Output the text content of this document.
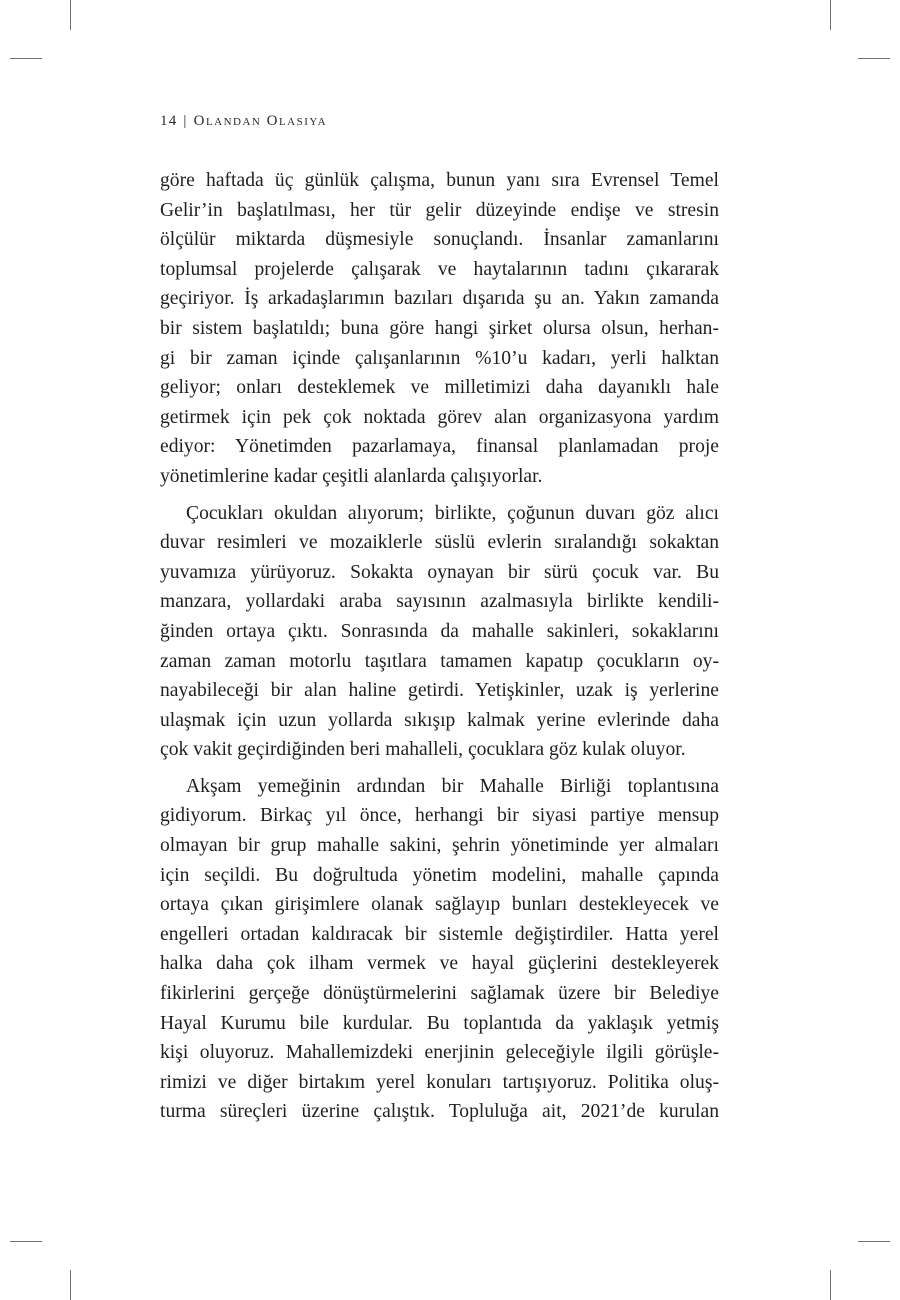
14 | Olandan Olasiya
göre haftada üç günlük çalışma, bunun yanı sıra Evrensel Temel
Gelir’in başlatılması, her tür gelir düzeyinde endişe ve stresin
ölçülür miktarda düşmesiyle sonuçlandı. İnsanlar zamanlarını
toplumsal projelerde çalışarak ve haytalarının tadını çıkararak
geçiriyor. İş arkadaşlarımın bazıları dışarıda şu an. Yakın zamanda
bir sistem başlatıldı; buna göre hangi şirket olursa olsun, herhan-
gi bir zaman içinde çalışanlarının %10’u kadarı, yerli halktan
geliyor; onları desteklemek ve milletimizi daha dayanıklı hale
getirmek için pek çok noktada görev alan organizasyona yardım
ediyor: Yönetimden pazarlamaya, finansal planlamadan proje
yönetimlerine kadar çeşitli alanlarda çalışıyorlar.
Çocukları okuldan alıyorum; birlikte, çoğunun duvarı göz alıcı
duvar resimleri ve mozaiklerle süslü evlerin sıralandığı sokaktan
yuvamıza yürüyoruz. Sokakta oynayan bir sürü çocuk var. Bu
manzara, yollardaki araba sayısının azalmasıyla birlikte kendili-
ğinden ortaya çıktı. Sonrasında da mahalle sakinleri, sokaklarını
zaman zaman motorlu taşıtlara tamamen kapatıp çocukların oy-
nayabileceği bir alan haline getirdi. Yetişkinler, uzak iş yerlerine
ulaşmak için uzun yollarda sıkışıp kalmak yerine evlerinde daha
çok vakit geçirdiğinden beri mahalleli, çocuklara göz kulak oluyor.
Akşam yemeğinin ardından bir Mahalle Birliği toplantısına
gidiyorum. Birkaç yıl önce, herhangi bir siyasi partiye mensup
olmayan bir grup mahalle sakini, şehrin yönetiminde yer almaları
için seçildi. Bu doğrultuda yönetim modelini, mahalle çapında
ortaya çıkan girişimlere olanak sağlayıp bunları destekleyecek ve
engelleri ortadan kaldıracak bir sistemle değiştirdiler. Hatta yerel
halka daha çok ilham vermek ve hayal güçlerini destekleyerek
fikirlerini gerçeğe dönüştürmelerini sağlamak üzere bir Belediye
Hayal Kurumu bile kurdular. Bu toplantıda da yaklaşık yetmiş
kişi oluyoruz. Mahallemizdeki enerjinin geleceğiyle ilgili görüşle-
rimizi ve diğer birtakım yerel konuları tartışıyoruz. Politika oluş-
turma süreçleri üzerine çalıştık. Topluluğa ait, 2021’de kurulan
